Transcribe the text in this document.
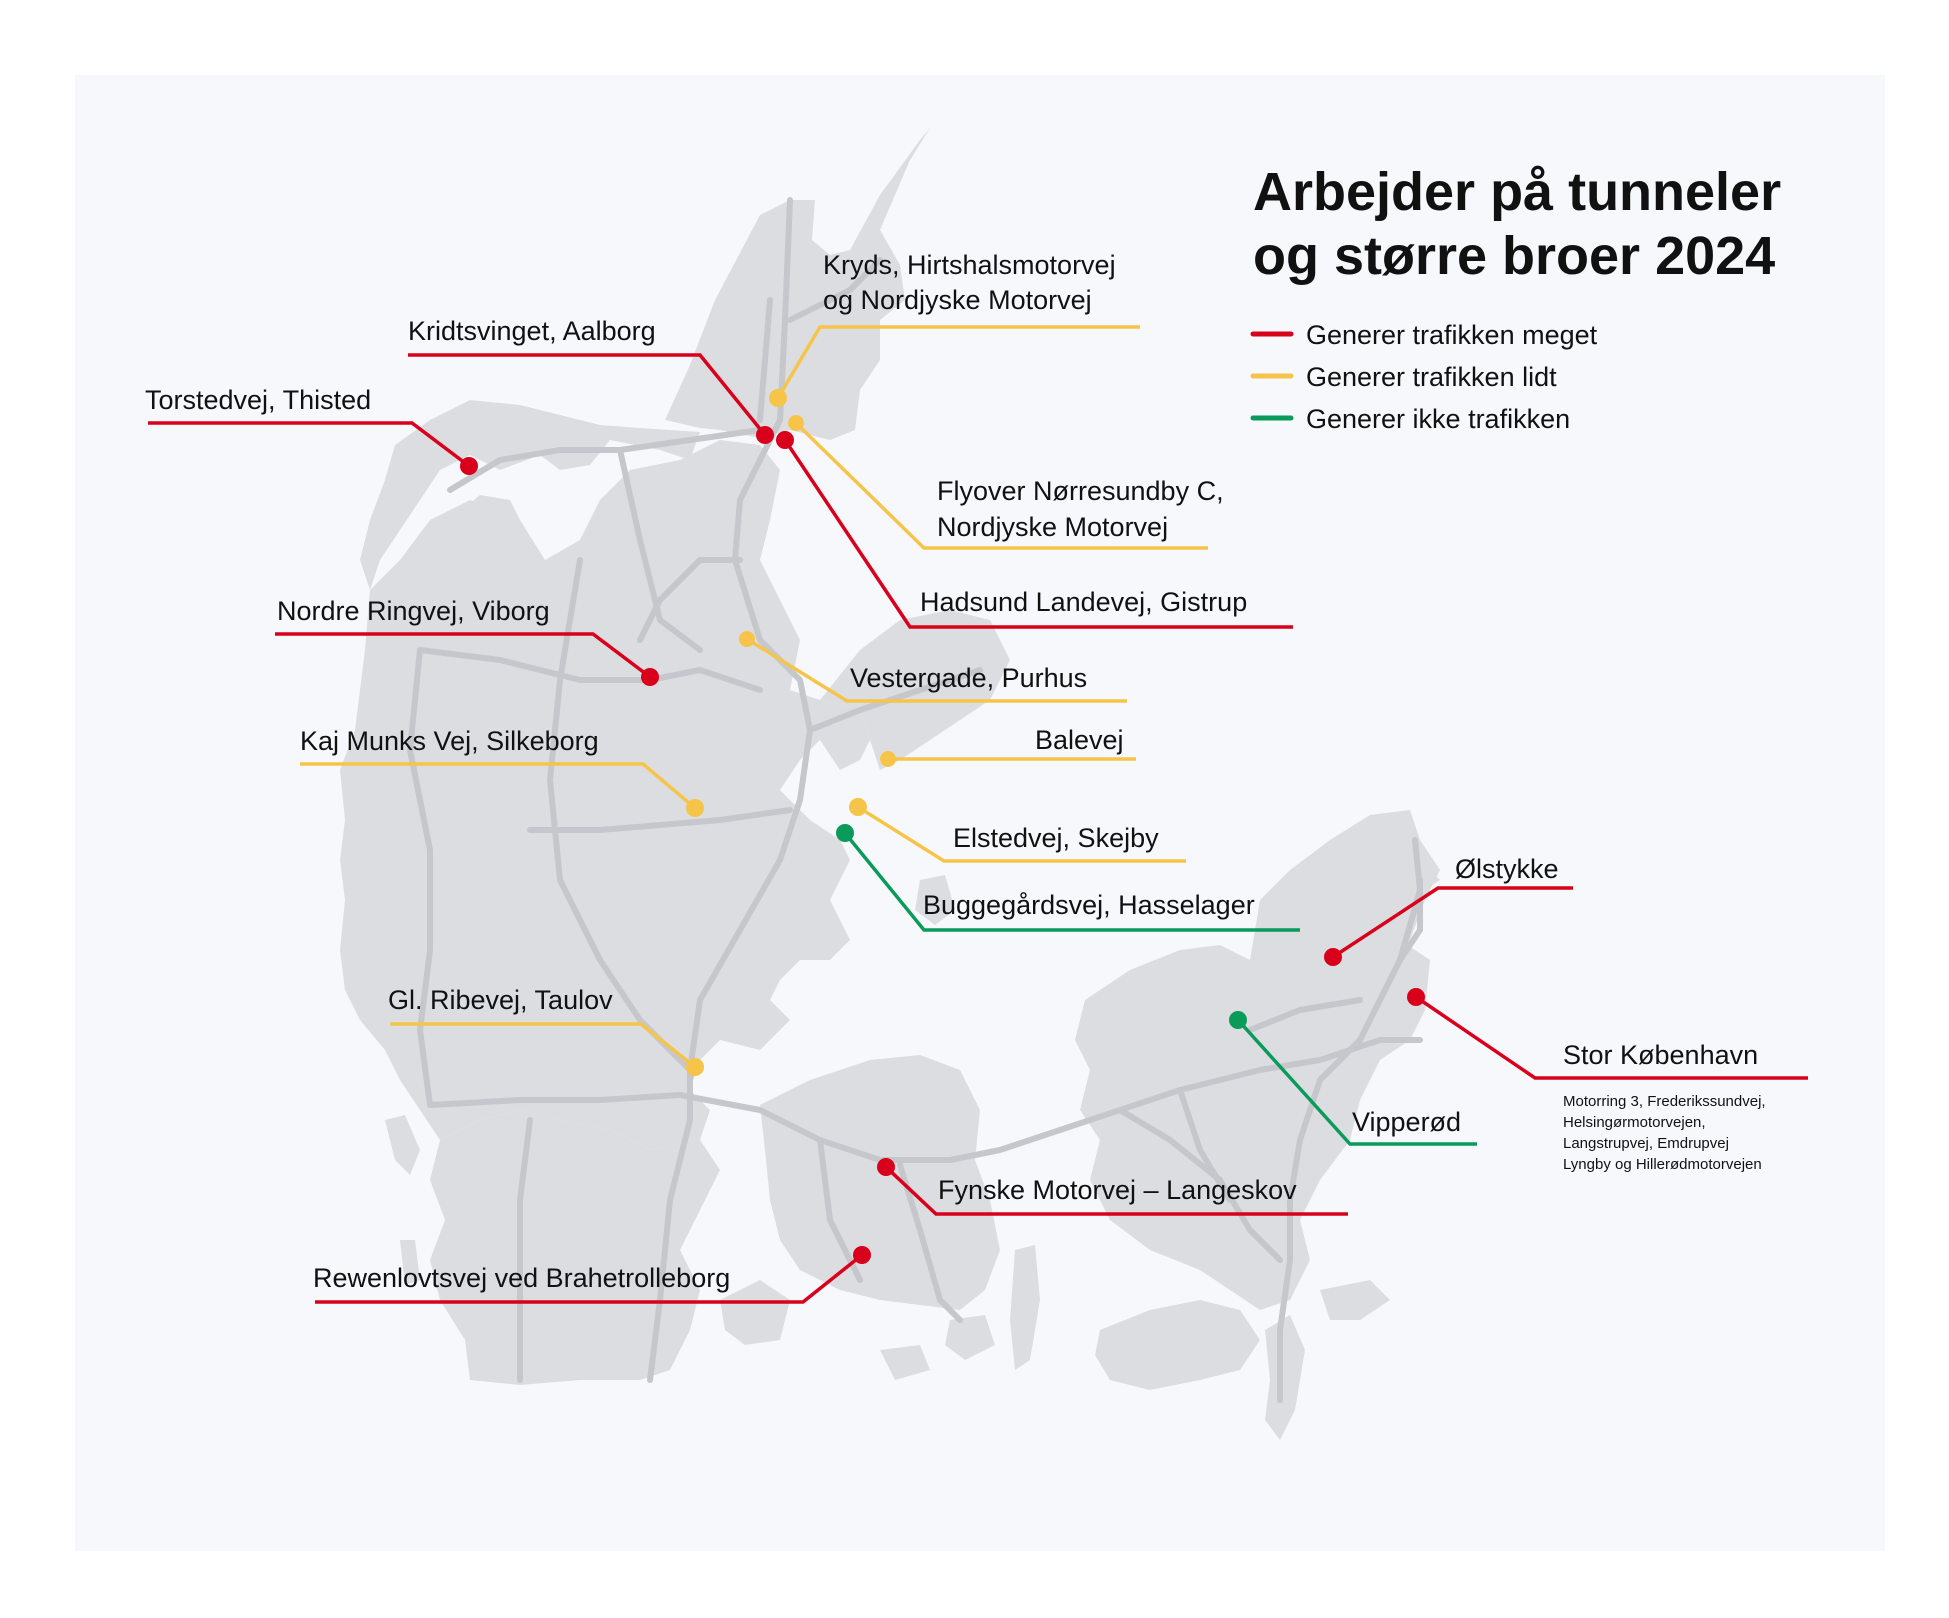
Arbejder på tunneler
og større broer 2024
Generer trafikken meget
Generer trafikken lidt
Generer ikke trafikken
Kridtsvinget, Aalborg
Torstedvej, Thisted
Hadsund Landevej, Gistrup
Nordre Ringvej, Viborg
Ølstykke
Stor København
Motorring 3, Frederikssundvej,
Helsingørmotorvejen,
Langstrupvej, Emdrupvej
Lyngby og Hillerødmotorvejen
Fynske Motorvej – Langeskov
Rewenlovtsvej ved Brahetrolleborg
Kryds, Hirtshalsmotorvej
og Nordjyske Motorvej
Flyover Nørresundby C,
Nordjyske Motorvej
Vestergade, Purhus
Kaj Munks Vej, Silkeborg	Balevej
Elstedvej, Skejby
Gl. Ribevej, Taulov
Buggegårdsvej, Hasselager
Vipperød
